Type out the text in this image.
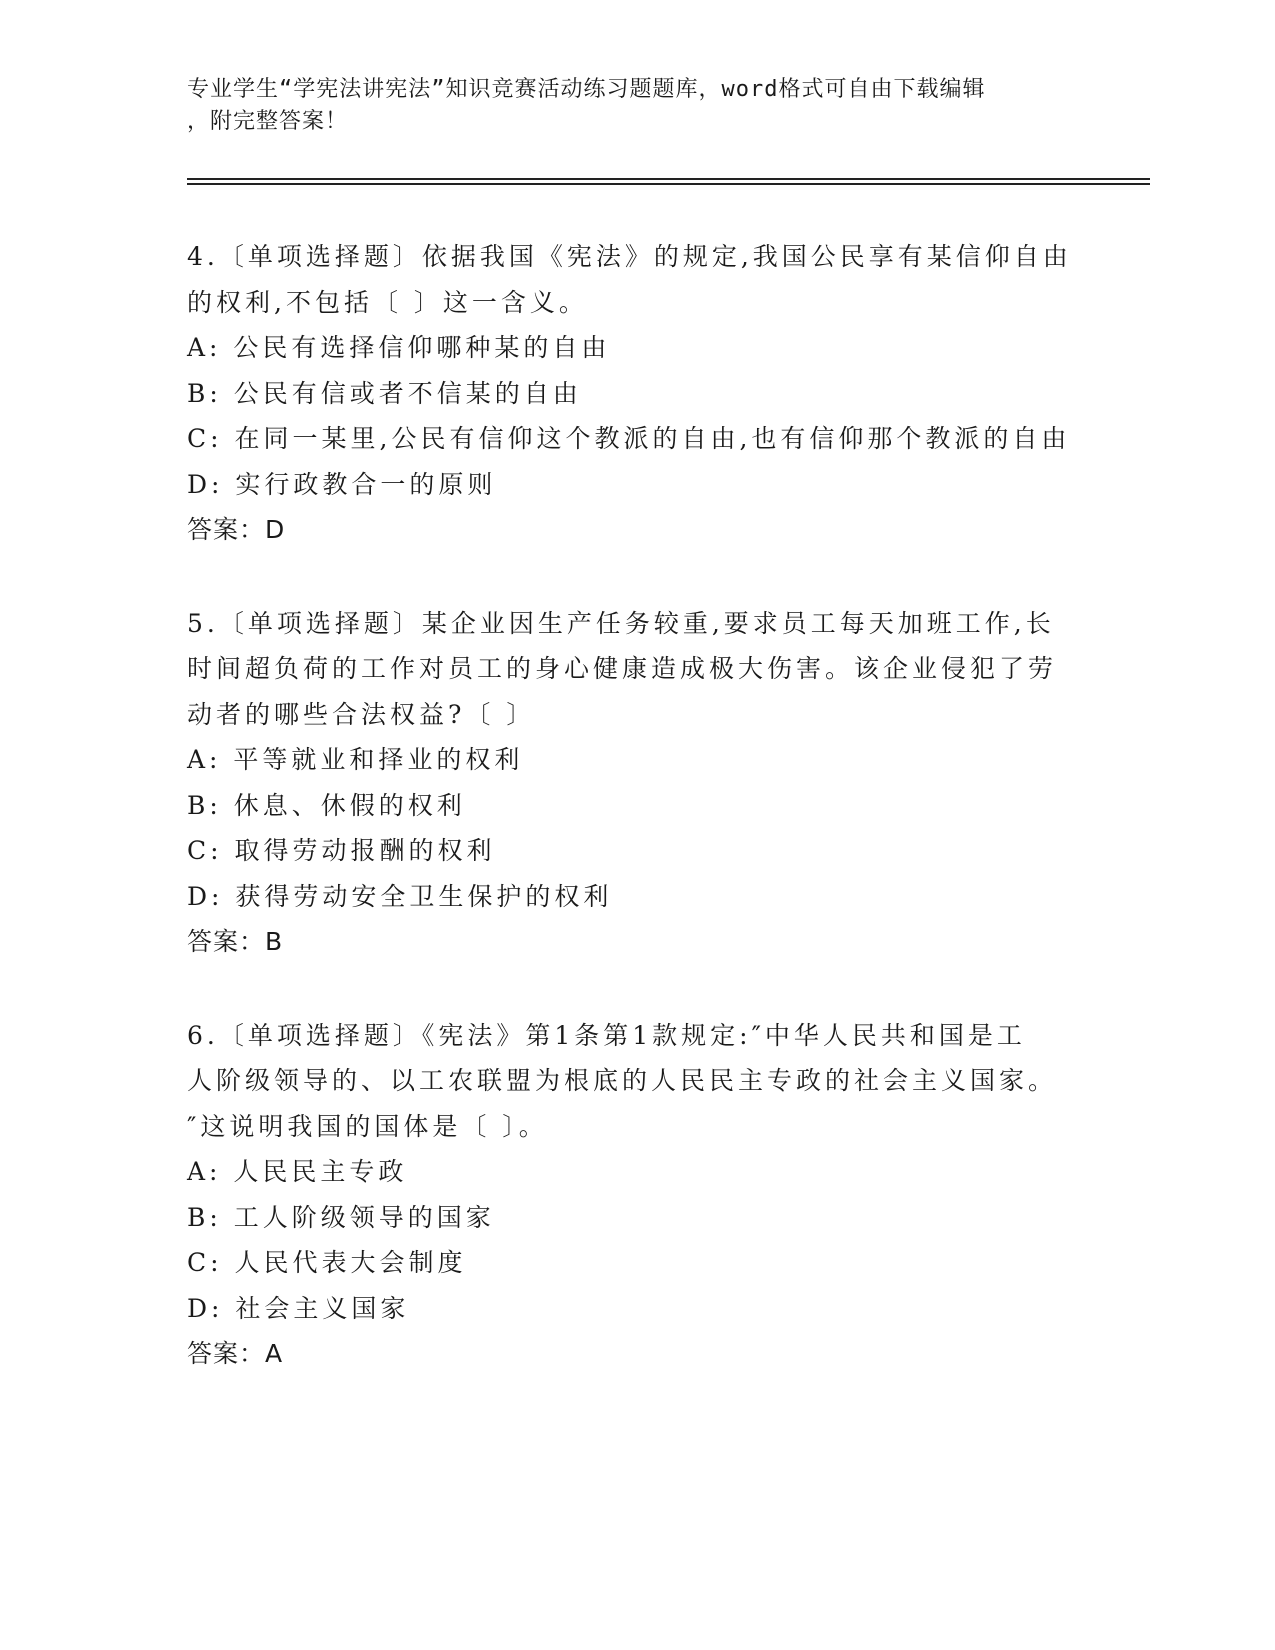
专业学生“学宪法讲宪法”知识竞赛活动练习题题库，word格式可自由下载编辑
，附完整答案！
4.〔单项选择题〕依据我国《宪法》的规定,我国公民享有某信仰自由
的权利,不包括〔 〕这一含义。
A: 公民有选择信仰哪种某的自由
B: 公民有信或者不信某的自由
C: 在同一某里,公民有信仰这个教派的自由,也有信仰那个教派的自由
D: 实行政教合一的原则
答案：D
5.〔单项选择题〕某企业因生产任务较重,要求员工每天加班工作,长
时间超负荷的工作对员工的身心健康造成极大伤害。该企业侵犯了劳
动者的哪些合法权益?〔 〕
A: 平等就业和择业的权利
B: 休息、休假的权利
C: 取得劳动报酬的权利
D: 获得劳动安全卫生保护的权利
答案：B
6.〔单项选择题〕《宪法》第1条第1款规定:″中华人民共和国是工
人阶级领导的、以工农联盟为根底的人民民主专政的社会主义国家。
″这说明我国的国体是〔 〕。
A: 人民民主专政
B: 工人阶级领导的国家
C: 人民代表大会制度
D: 社会主义国家
答案：A
